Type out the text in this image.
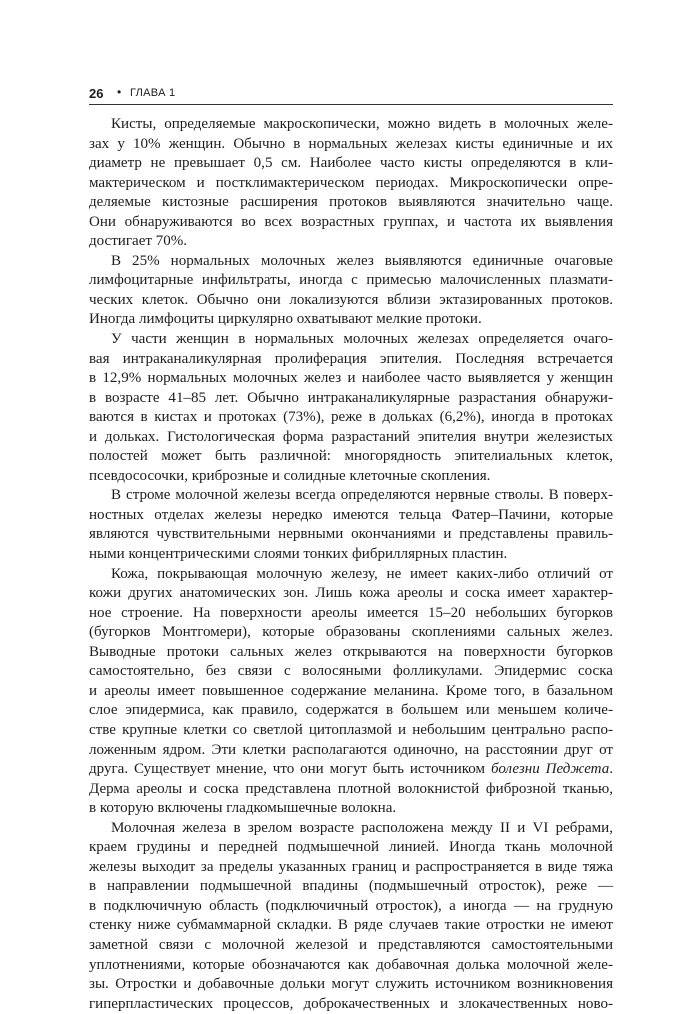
26 • ГЛАВА 1

Кисты, определяемые макроскопически, можно видеть в молочных желе-
зах у 10% женщин. Обычно в нормальных железах кисты единичные и их
диаметр не превышает 0,5 см. Наиболее часто кисты определяются в кли-
мактерическом и постклимактерическом периодах. Микроскопически опре-
деляемые кистозные расширения протоков выявляются значительно чаще.
Они обнаруживаются во всех возрастных группах, и частота их выявления
достигает 70%.

В 25% нормальных молочных желез выявляются единичные очаговые
лимфоцитарные инфильтраты, иногда с примесью малочисленных плазмати-
ческих клеток. Обычно они локализуются вблизи эктазированных протоков.
Иногда лимфоциты циркулярно охватывают мелкие протоки.

У части женщин в нормальных молочных железах определяется очаго-
вая интраканаликулярная пролиферация эпителия. Последняя встречается
в 12,9% нормальных молочных желез и наиболее часто выявляется у женщин
в возрасте 41–85 лет. Обычно интраканаликулярные разрастания обнаружи-
ваются в кистах и протоках (73%), реже в дольках (6,2%), иногда в протоках
и дольках. Гистологическая форма разрастаний эпителия внутри железистых
полостей может быть различной: многорядность эпителиальных клеток,
псевдососочки, криброзные и солидные клеточные скопления.

В строме молочной железы всегда определяются нервные стволы. В поверх-
ностных отделах железы нередко имеются тельца Фатер–Пачини, которые
являются чувствительными нервными окончаниями и представлены правиль-
ными концентрическими слоями тонких фибриллярных пластин.

Кожа, покрывающая молочную железу, не имеет каких-либо отличий от
кожи других анатомических зон. Лишь кожа ареолы и соска имеет характер-
ное строение. На поверхности ареолы имеется 15–20 небольших бугорков
(бугорков Монтгомери), которые образованы скоплениями сальных желез.
Выводные протоки сальных желез открываются на поверхности бугорков
самостоятельно, без связи с волосяными фолликулами. Эпидермис соска
и ареолы имеет повышенное содержание меланина. Кроме того, в базальном
слое эпидермиса, как правило, содержатся в большем или меньшем количе-
стве крупные клетки со светлой цитоплазмой и небольшим центрально распо-
ложенным ядром. Эти клетки располагаются одиночно, на расстоянии друг от
друга. Существует мнение, что они могут быть источником болезни Педжета.
Дерма ареолы и соска представлена плотной волокнистой фиброзной тканью,
в которую включены гладкомышечные волокна.

Молочная железа в зрелом возрасте расположена между II и VI ребрами,
краем грудины и передней подмышечной линией. Иногда ткань молочной
железы выходит за пределы указанных границ и распространяется в виде тяжа
в направлении подмышечной впадины (подмышечный отросток), реже —
в подключичную область (подключичный отросток), а иногда — на грудную
стенку ниже субмаммарной складки. В ряде случаев такие отростки не имеют
заметной связи с молочной железой и представляются самостоятельными
уплотнениями, которые обозначаются как добавочная долька молочной желе-
зы. Отростки и добавочные дольки могут служить источником возникновения
гиперпластических процессов, доброкачественных и злокачественных ново-
